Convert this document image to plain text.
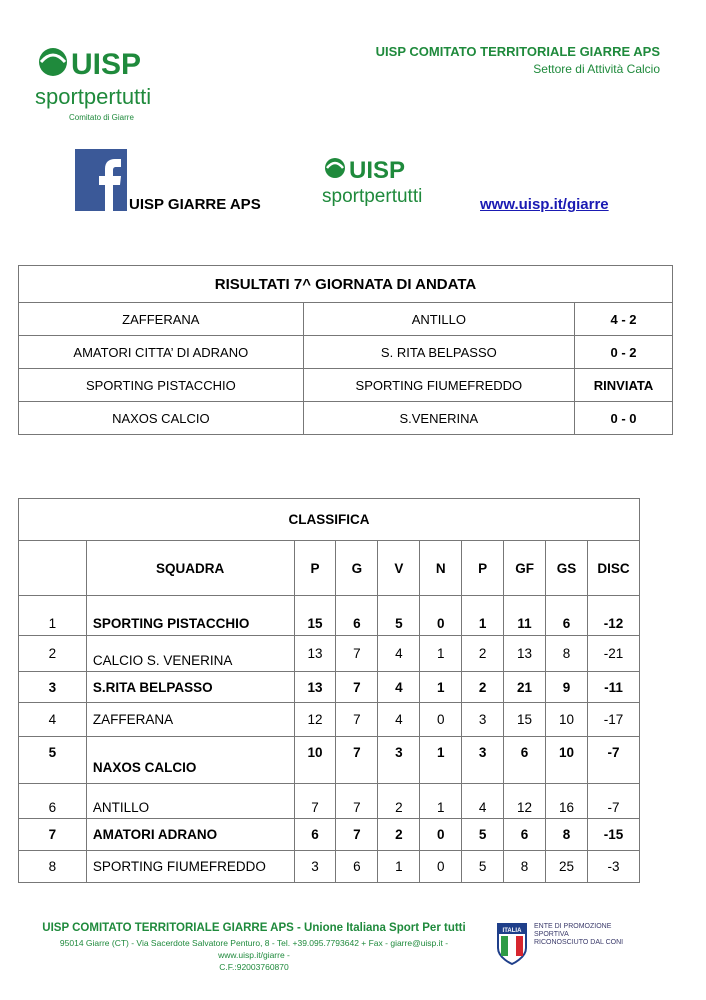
UISP
sportpertutti
Comitato di Giarre
UISP COMITATO TERRITORIALE GIARRE APS
Settore di Attività Calcio
UISP GIARRE APS
UISP
sportpertutti	www.uisp.it/giarre
RISULTATI 7^ GIORNATA DI ANDATA		
ZAFFERANA	ANTILLO	4 - 2
AMATORI CITTA’ DI ADRANO	S. RITA BELPASSO	0 - 2
SPORTING PISTACCHIO	SPORTING FIUMEFREDDO	RINVIATA
NAXOS CALCIO	S.VENERINA	0 - 0
CLASSIFICA									
	SQUADRA	P	G	V	N	P	GF	GS	DISC
1	SPORTING PISTACCHIO	15	6	5	0	1	11	6	-12
2	CALCIO S. VENERINA	13	7	4	1	2	13	8	-21
3	S.RITA BELPASSO	13	7	4	1	2	21	9	-11
4	ZAFFERANA	12	7	4	0	3	15	10	-17
5	NAXOS CALCIO	10	7	3	1	3	6	10	-7
6	ANTILLO	7	7	2	1	4	12	16	-7
7	AMATORI ADRANO	6	7	2	0	5	6	8	-15
8	SPORTING FIUMEFREDDO	3	6	1	0	5	8	25	-3
UISP COMITATO TERRITORIALE GIARRE APS - Unione Italiana Sport Per tutti
95014 Giarre (CT) - Via Sacerdote Salvatore Penturo, 8 - Tel. +39.095.7793642 + Fax - giarre@uisp.it - www.uisp.it/giarre -
C.F.:92003760870
ITALIA
ENTE DI PROMOZIONE SPORTIVA RICONOSCIUTO DAL CONI
